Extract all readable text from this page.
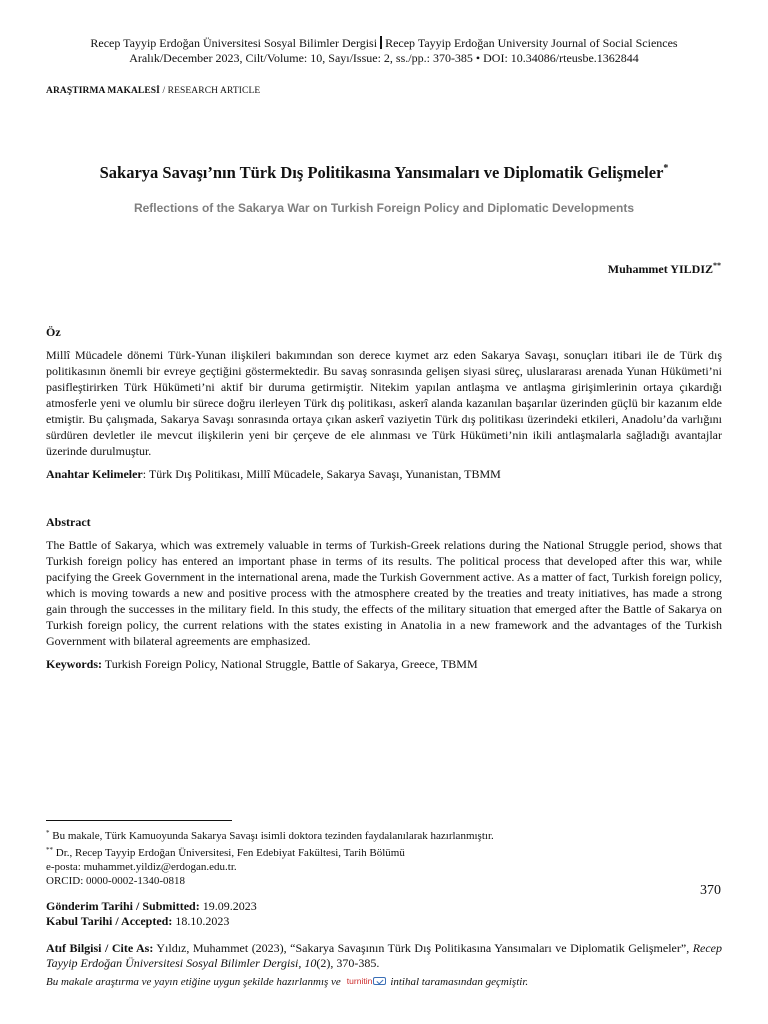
Recep Tayyip Erdoğan Üniversitesi Sosyal Bilimler Dergisi Recep Tayyip Erdoğan University Journal of Social Sciences
Aralık/December 2023, Cilt/Volume: 10, Sayı/Issue: 2, ss./pp.: 370-385 • DOI: 10.34086/rteusbe.1362844
ARAŞTIRMA MAKALESİ / RESEARCH ARTICLE
Sakarya Savaşı’nın Türk Dış Politikasına Yansımaları ve Diplomatik Gelişmeler*
Reflections of the Sakarya War on Turkish Foreign Policy and Diplomatic Developments
Muhammet YILDIZ**
Öz
Millî Mücadele dönemi Türk-Yunan ilişkileri bakımından son derece kıymet arz eden Sakarya Savaşı, sonuçları itibari ile de Türk dış politikasının önemli bir evreye geçtiğini göstermektedir. Bu savaş sonrasında gelişen siyasi süreç, uluslararası arenada Yunan Hükümeti’ni pasifleştirirken Türk Hükümeti’ni aktif bir duruma getirmiştir. Nitekim yapılan antlaşma ve antlaşma girişimlerinin ortaya çıkardığı atmosferle yeni ve olumlu bir sürece doğru ilerleyen Türk dış politikası, askerî alanda kazanılan başarılar üzerinden güçlü bir kazanım elde etmiştir. Bu çalışmada, Sakarya Savaşı sonrasında ortaya çıkan askerî vaziyetin Türk dış politikası üzerindeki etkileri, Anadolu’da varlığını sürdüren devletler ile mevcut ilişkilerin yeni bir çerçeve de ele alınması ve Türk Hükümeti’nin ikili antlaşmalarla sağladığı avantajlar üzerinde durulmuştur.
Anahtar Kelimeler: Türk Dış Politikası, Millî Mücadele, Sakarya Savaşı, Yunanistan, TBMM
Abstract
The Battle of Sakarya, which was extremely valuable in terms of Turkish-Greek relations during the National Struggle period, shows that Turkish foreign policy has entered an important phase in terms of its results. The political process that developed after this war, while pacifying the Greek Government in the international arena, made the Turkish Government active. As a matter of fact, Turkish foreign policy, which is moving towards a new and positive process with the atmosphere created by the treaties and treaty initiatives, has made a strong gain through the successes in the military field. In this study, the effects of the military situation that emerged after the Battle of Sakarya on Turkish foreign policy, the current relations with the states existing in Anatolia in a new framework and the advantages of the Turkish Government with bilateral agreements are emphasized.
Keywords: Turkish Foreign Policy, National Struggle, Battle of Sakarya, Greece, TBMM
* Bu makale, Türk Kamuoyunda Sakarya Savaşı isimli doktora tezinden faydalanılarak hazırlanmıştır.
** Dr., Recep Tayyip Erdoğan Üniversitesi, Fen Edebiyat Fakültesi, Tarih Bölümü
e-posta: muhammet.yildiz@erdogan.edu.tr.
ORCID: 0000-0002-1340-0818
370
Gönderim Tarihi / Submitted: 19.09.2023
Kabul Tarihi / Accepted: 18.10.2023
Atıf Bilgisi / Cite As: Yıldız, Muhammet (2023), “Sakarya Savaşının Türk Dış Politikasına Yansımaları ve Diplomatik Gelişmeler”, Recep Tayyip Erdoğan Üniversitesi Sosyal Bilimler Dergisi, 10(2), 370-385.
Bu makale araştırma ve yayın etiğine uygun şekilde hazırlanmış ve turnitin intihal taramasından geçmiştir.
